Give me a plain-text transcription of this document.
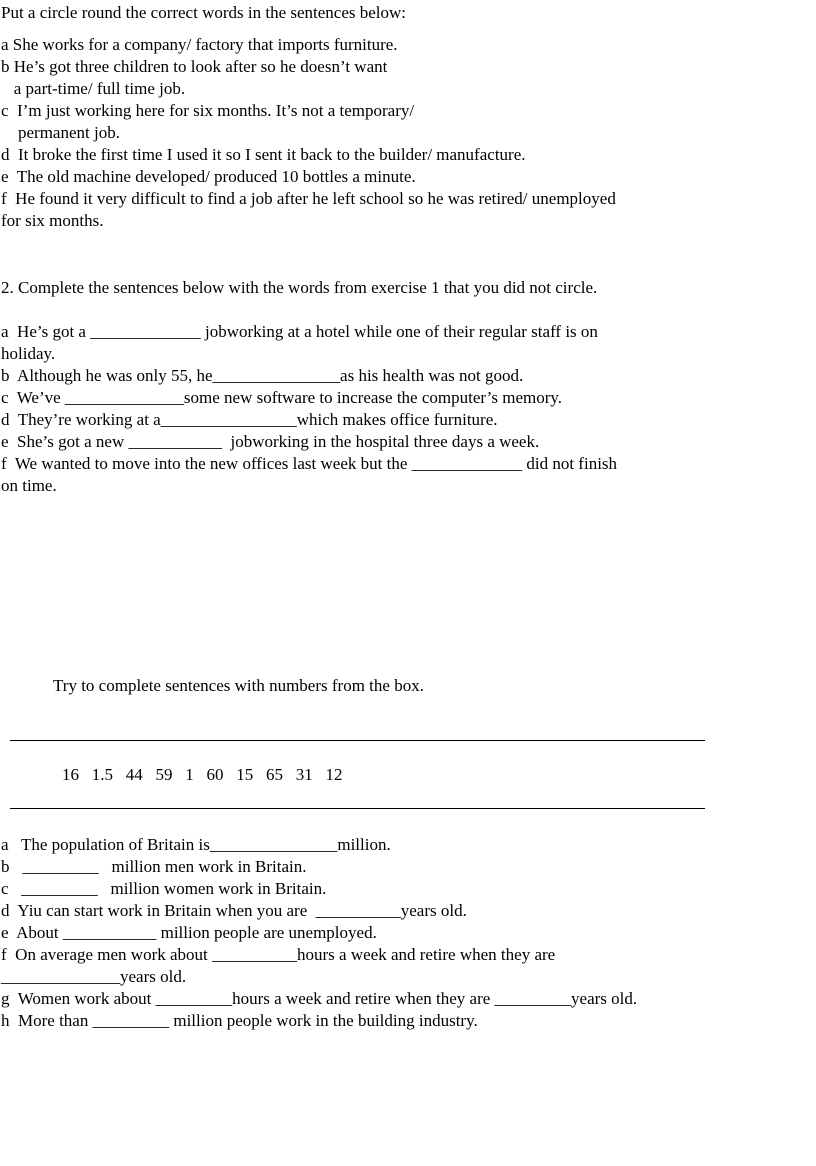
Put a circle round the correct words in the sentences below:
a She works for a company/ factory that imports furniture.
b He’s got three children to look after so he doesn’t want
a part-time/ full time job.
c  I’m just working here for six months. It’s not a temporary/
permanent job.
d  It broke the first time I used it so I sent it back to the builder/ manufacture.
e  The old machine developed/ produced 10 bottles a minute.
f  He found it very difficult to find a job after he left school so he was retired/ unemployed
for six months.
2. Complete the sentences below with the words from exercise 1 that you did not circle.
a  He’s got a _____________ jobworking at a hotel while one of their regular staff is on
holiday.
b  Although he was only 55, he_______________as his health was not good.
c  We’ve ______________some new software to increase the computer’s memory.
d  They’re working at a________________which makes office furniture.
e  She’s got a new ___________  jobworking in the hospital three days a week.
f  We wanted to move into the new offices last week but the _____________ did not finish
on time.
Try to complete sentences with numbers from the box.
16   1.5   44   59   1   60   15   65   31   12
a   The population of Britain is_______________million.
b   _________   million men work in Britain.
c   _________   million women work in Britain.
d  Yiu can start work in Britain when you are  __________years old.
e  About ___________ million people are unemployed.
f  On average men work about __________hours a week and retire when they are
______________years old.
g  Women work about _________hours a week and retire when they are _________years old.
h  More than _________ million people work in the building industry.
